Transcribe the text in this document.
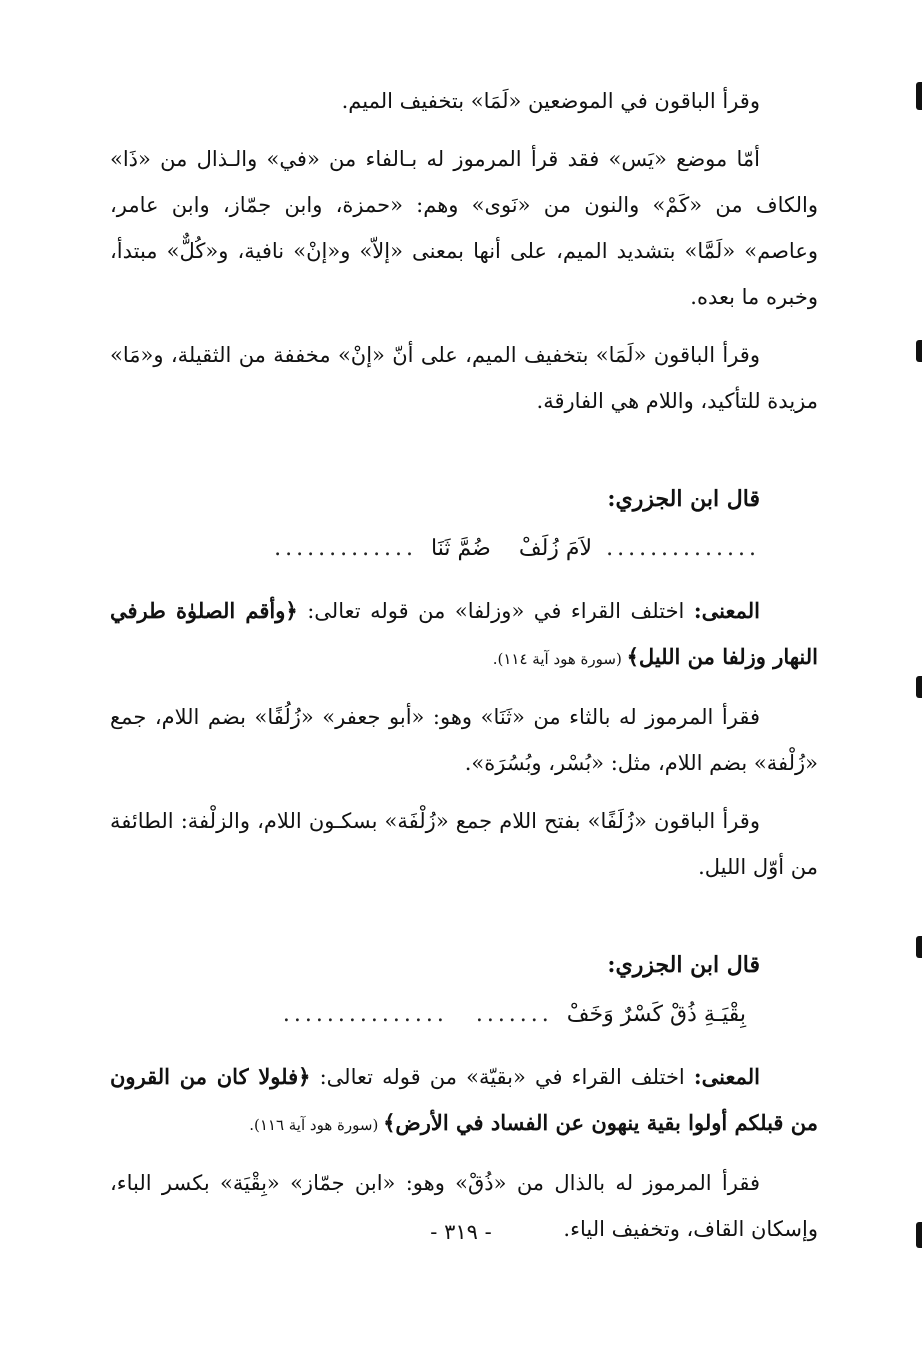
وقرأ الباقون في الموضعين «لَمَا» بتخفيف الميم.

أمّا موضع «يَس» فقد قرأ المرموز له بـالفاء من «في» والـذال من «ذَا» والكاف من «كَمْ» والنون من «نَوى» وهم: «حمزة، وابن جمّاز، وابن عامر، وعاصم» «لَمَّا» بتشديد الميم، على أنها بمعنى «إلاّ» و«إنْ» نافية، و«كُلٌّ» مبتدأ، وخبره ما بعده.

وقرأ الباقون «لَمَا» بتخفيف الميم، على أنّ «إنْ» مخففة من الثقيلة، و«مَا» مزيدة للتأكيد، واللام هي الفارقة.

قال ابن الجزري:
..............
لاَمَ زُلَفْ
ضُمَّ ثَنَا
.............

المعنى: اختلف القراء في «وزلفا» من قوله تعالى: ﴿وأقم الصلوٰة طرفي النهار وزلفا من الليل﴾ (سورة هود آية ١١٤).

فقرأ المرموز له بالثاء من «ثَنَا» وهو: «أبو جعفر» «زُلُفًا» بضم اللام، جمع «زُلْفة» بضم اللام، مثل: «بُسْر، وبُسُرَة».

وقرأ الباقون «زُلَفًا» بفتح اللام جمع «زُلْفَة» بسكـون اللام، والزلْفة: الطائفة من أوّل الليل.

قال ابن الجزري:
بِقْيَـةِ ذُقْ كَسْرٌ وَخَفْ
.......
...............

المعنى: اختلف القراء في «بقيّة» من قوله تعالى: ﴿فلولا كان من القرون من قبلكم أولوا بقية ينهون عن الفساد في الأرض﴾ (سورة هود آية ١١٦).

فقرأ المرموز له بالذال من «ذُقْ» وهو: «ابن جمّاز» «بِقْيَة» بكسر الباء، وإسكان القاف، وتخفيف الياء.

- ٣١٩ -
